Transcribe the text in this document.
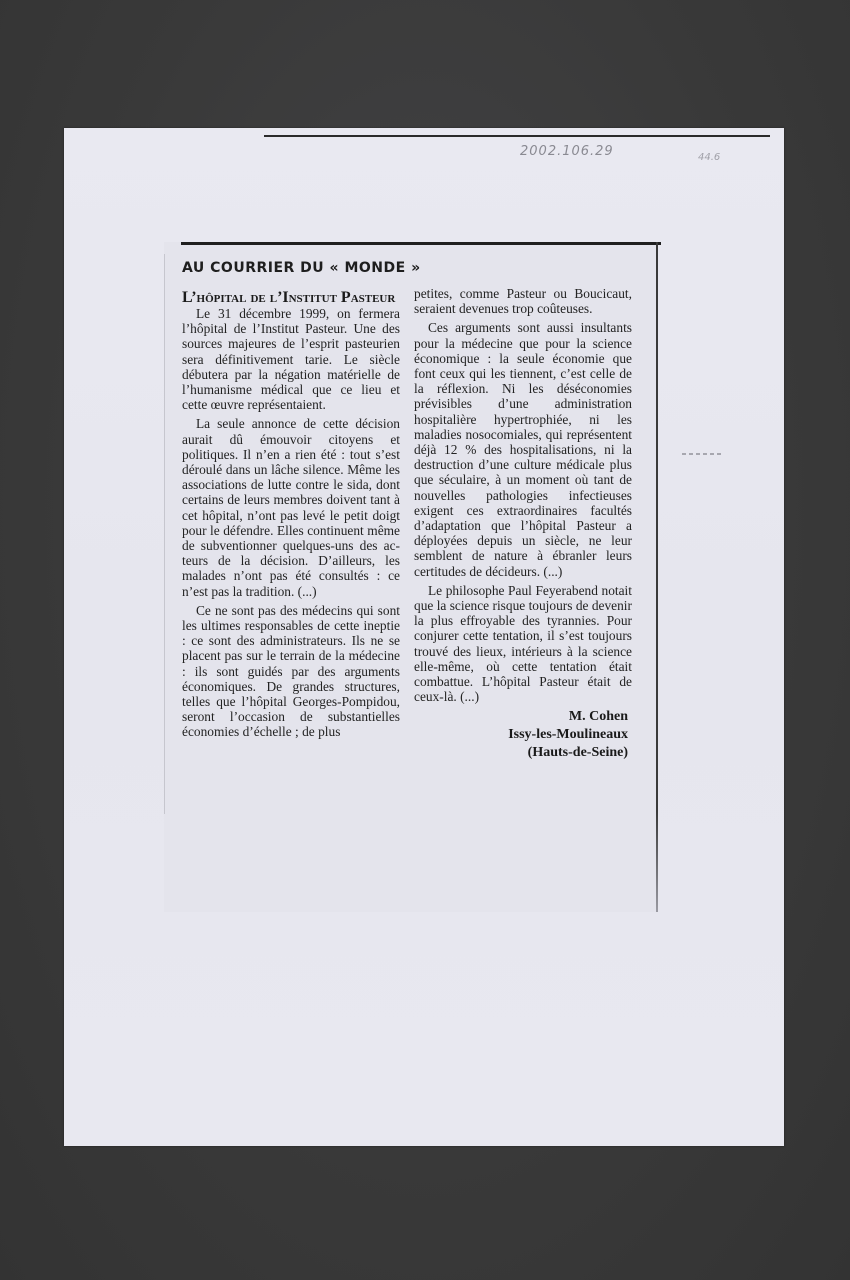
2002.106.29	44.6
AU COURRIER DU « MONDE »
L’hôpital de l’Institut Pasteur

Le 31 décembre 1999, on fermera l’hôpital de l’Institut Pasteur. Une des sources majeures de l’esprit pasteurien sera définitivement tarie. Le siècle débutera par la négation matérielle de l’humanisme médical que ce lieu et cette œuvre représentaient.

La seule annonce de cette décision aurait dû émouvoir citoyens et politiques. Il n’en a rien été : tout s’est déroulé dans un lâche silence. Même les associations de lutte contre le sida, dont certains de leurs membres doivent tant à cet hôpital, n’ont pas levé le petit doigt pour le défendre. Elles continuent même de subventionner quelques-uns des acteurs de la décision. D’ailleurs, les malades n’ont pas été consultés : ce n’est pas la tradition. (...)

Ce ne sont pas des médecins qui sont les ultimes responsables de cette ineptie : ce sont des administrateurs. Ils ne se placent pas sur le terrain de la médecine : ils sont guidés par des arguments économiques. De grandes structures, telles que l’hôpital Georges-Pompidou, seront l’occasion de substantielles économies d’échelle ; de plus

petites, comme Pasteur ou Boucicaut, seraient devenues trop coûteuses.

Ces arguments sont aussi insultants pour la médecine que pour la science économique : la seule économie que font ceux qui les tiennent, c’est celle de la réflexion. Ni les déséconomies prévisibles d’une administration hospitalière hypertrophiée, ni les maladies nosocomiales, qui représentent déjà 12 % des hospitalisations, ni la destruction d’une culture médicale plus que séculaire, à un moment où tant de nouvelles pathologies infectieuses exigent ces extraordinaires facultés d’adaptation que l’hôpital Pasteur a déployées depuis un siècle, ne leur semblent de nature à ébranler leurs certitudes de décideurs. (...)

Le philosophe Paul Feyerabend notait que la science risque toujours de devenir la plus effroyable des tyrannies. Pour conjurer cette tentation, il s’est toujours trouvé des lieux, intérieurs à la science elle-même, où cette tentation était combattue. L’hôpital Pasteur était de ceux-là. (...)

M. Cohen
Issy-les-Moulineaux
(Hauts-de-Seine)
